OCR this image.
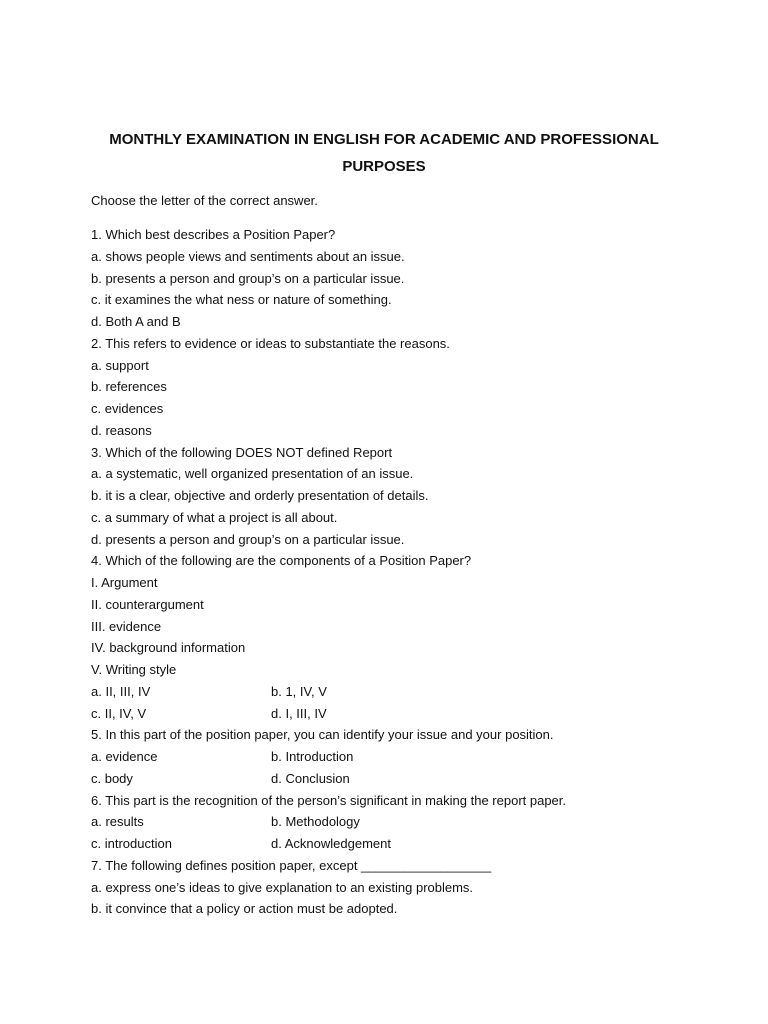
MONTHLY EXAMINATION IN ENGLISH FOR ACADEMIC AND PROFESSIONAL
PURPOSES
Choose the letter of the correct answer.
1. Which best describes a Position Paper?
a. shows people views and sentiments about an issue.
b. presents a person and group’s on a particular issue.
c. it examines the what ness or nature of something.
d. Both A and B
2. This refers to evidence or ideas to substantiate the reasons.
a. support
b. references
c. evidences
d. reasons
3. Which of the following DOES NOT defined Report
a. a systematic, well organized presentation of an issue.
b. it is a clear, objective and orderly presentation of details.
c. a summary of what a project is all about.
d. presents a person and group’s on a particular issue.
4. Which of the following are the components of a Position Paper?
I. Argument
II. counterargument
III. evidence
IV. background information
V. Writing style
a. II, III, IV	b. 1, IV, V
c. II, IV, V	d. I, III, IV
5. In this part of the position paper, you can identify your issue and your position.
a. evidence	b. Introduction
c. body	d. Conclusion
6. This part is the recognition of the person’s significant in making the report paper.
a. results	b. Methodology
c. introduction	d. Acknowledgement
7. The following defines position paper, except __________________
a. express one’s ideas to give explanation to an existing problems.
b. it convince that a policy or action must be adopted.
